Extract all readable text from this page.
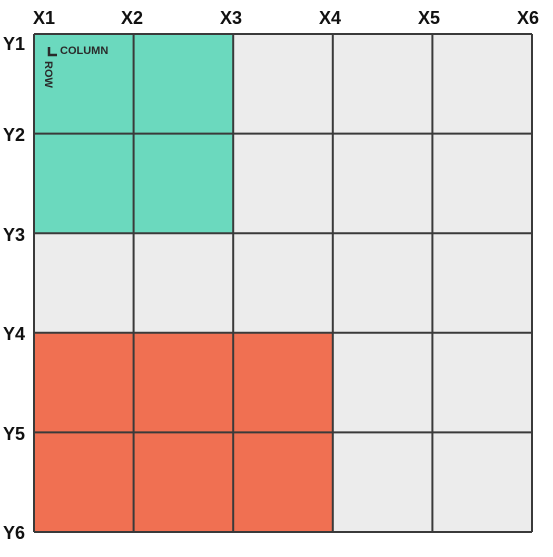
X1	X2	X3	X4	X5	X6
Y1
Y2
Y3
Y4
Y5
Y6
COLUMN
ROW
